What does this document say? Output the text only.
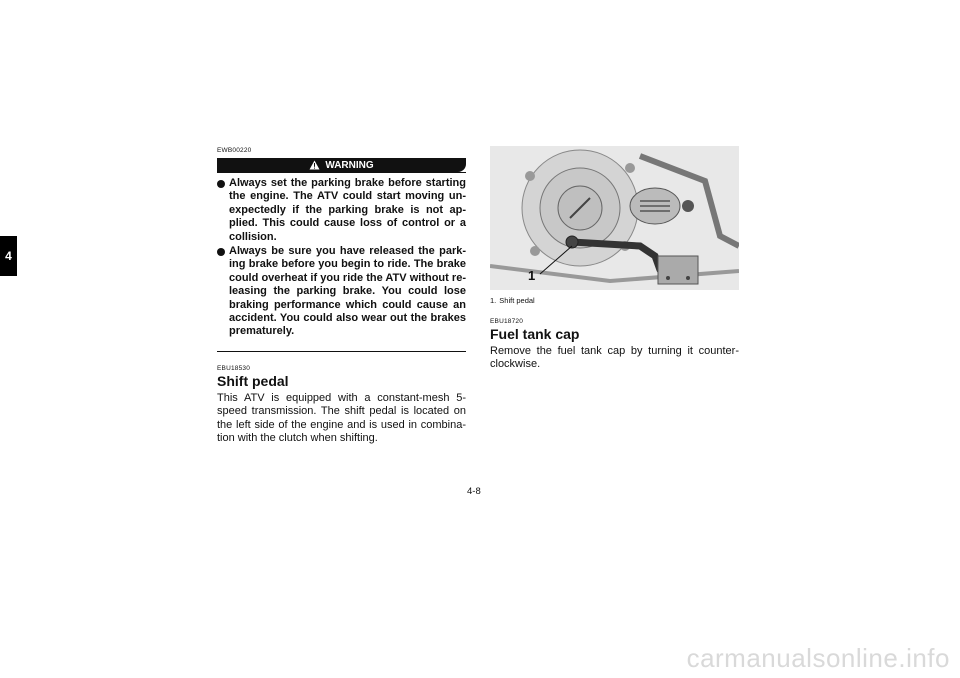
4
EWB00220
WARNING
Always set the parking brake before starting the engine. The ATV could start moving un-expectedly if the parking brake is not ap-plied. This could cause loss of control or a collision.
Always be sure you have released the park-ing brake before you begin to ride. The brake could overheat if you ride the ATV without re-leasing the parking brake. You could lose braking performance which could cause an accident. You could also wear out the brakes prematurely.
EBU18530
Shift pedal

This ATV is equipped with a constant-mesh 5-speed transmission. The shift pedal is located on the left side of the engine and is used in combina-tion with the clutch when shifting.

1
1. Shift pedal
EBU18720
Fuel tank cap

Remove the fuel tank cap by turning it counter-clockwise.

4-8
carmanualsonline.info
